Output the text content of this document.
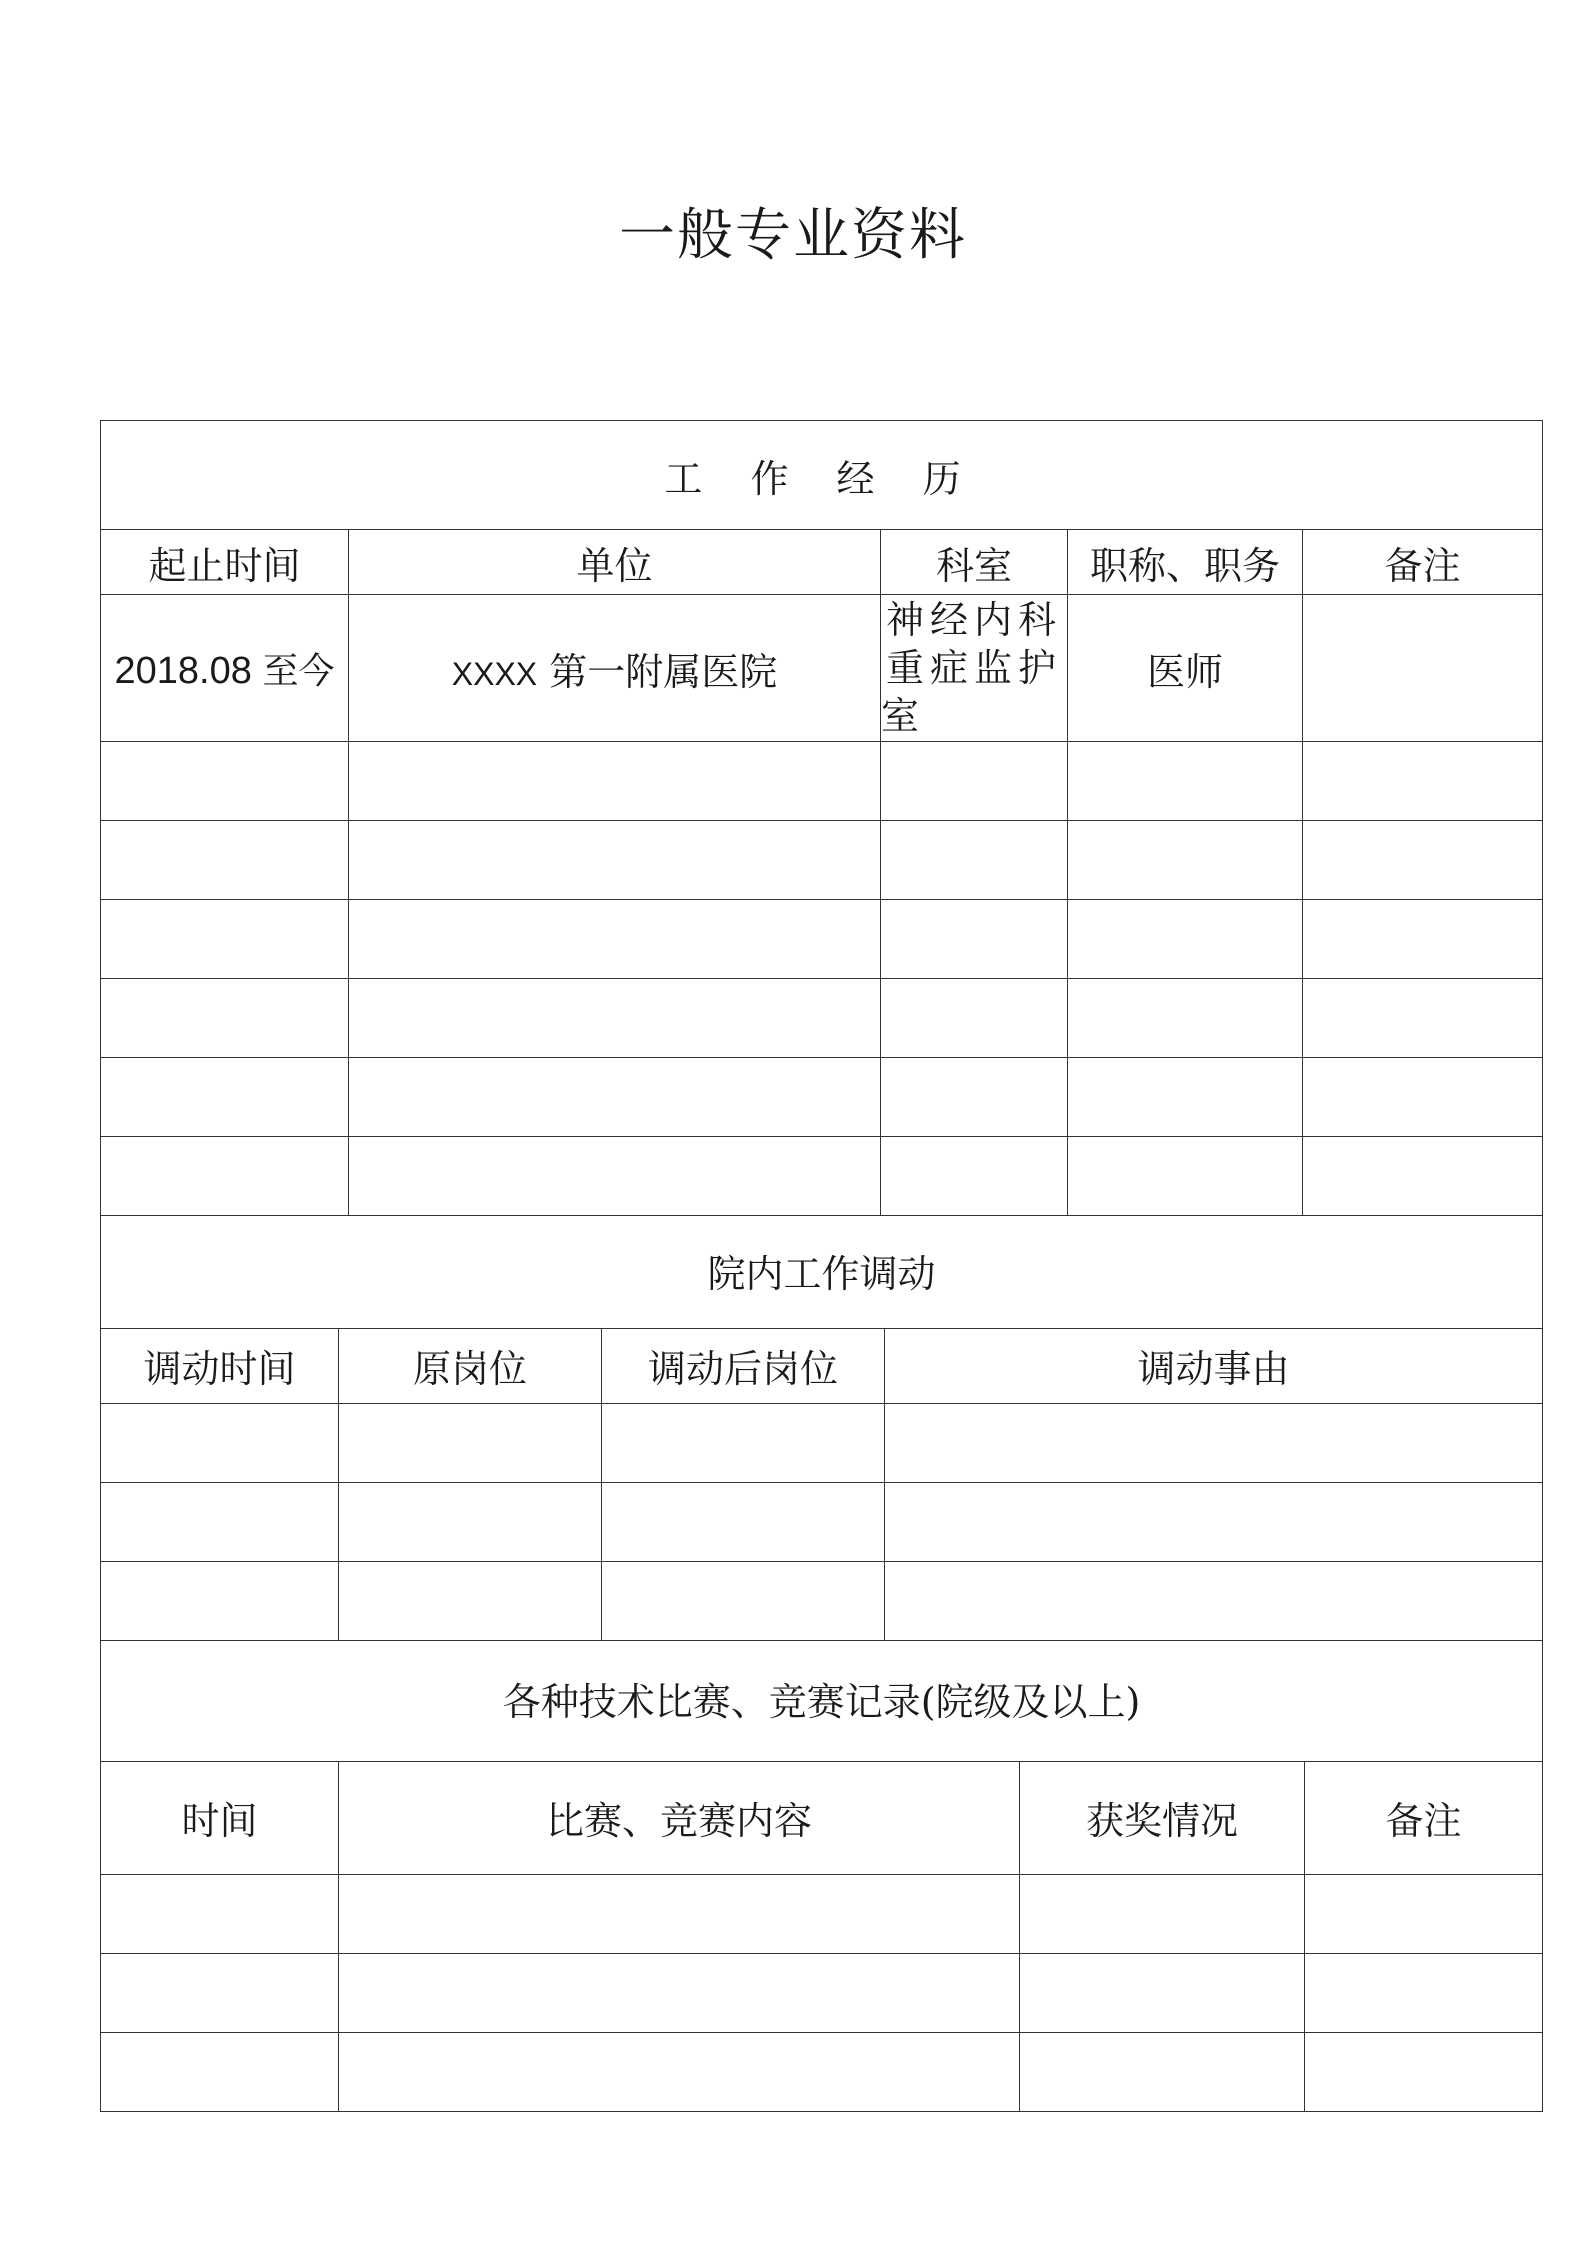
一般专业资料
工 作 经 历				
起止时间	单位	科室	职称、职务	备注
2018.08 至今	XXXX 第一附属医院	神经内科重症监护室	医师	

院内工作调动			
调动时间	原岗位	调动后岗位	调动事由

各种技术比赛、竞赛记录(院级及以上)			
时间	比赛、竞赛内容	获奖情况	备注
